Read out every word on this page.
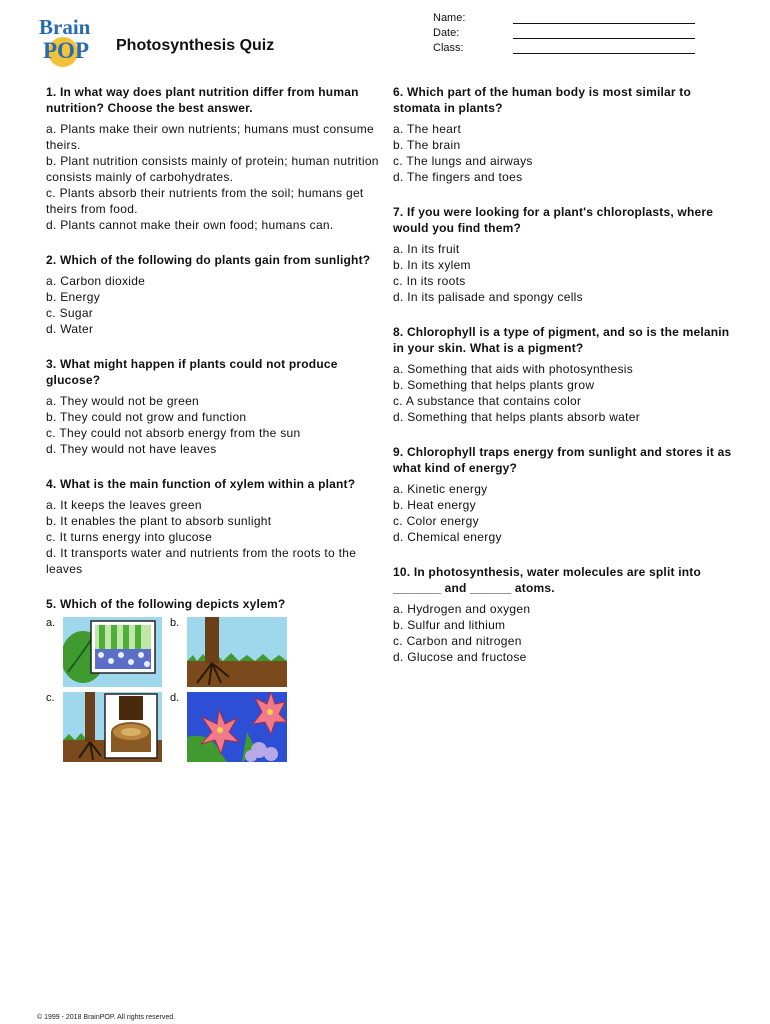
Brain
POP Photosynthesis Quiz
Name:
Date:
Class:
1. In what way does plant nutrition differ from human nutrition? Choose the best answer.
a. Plants make their own nutrients; humans must consume theirs.
b. Plant nutrition consists mainly of protein; human nutrition consists mainly of carbohydrates.
c. Plants absorb their nutrients from the soil; humans get theirs from food.
d. Plants cannot make their own food; humans can.
2. Which of the following do plants gain from sunlight?
a. Carbon dioxide
b. Energy
c. Sugar
d. Water
3. What might happen if plants could not produce glucose?
a. They would not be green
b. They could not grow and function
c. They could not absorb energy from the sun
d. They would not have leaves
4. What is the main function of xylem within a plant?
a. It keeps the leaves green
b. It enables the plant to absorb sunlight
c. It turns energy into glucose
d. It transports water and nutrients from the roots to the leaves
5. Which of the following depicts xylem?
a.	b.
c.	d.
6. Which part of the human body is most similar to stomata in plants?
a. The heart
b. The brain
c. The lungs and airways
d. The fingers and toes
7. If you were looking for a plant's chloroplasts, where would you find them?
a. In its fruit
b. In its xylem
c. In its roots
d. In its palisade and spongy cells
8. Chlorophyll is a type of pigment, and so is the melanin in your skin. What is a pigment?
a. Something that aids with photosynthesis
b. Something that helps plants grow
c. A substance that contains color
d. Something that helps plants absorb water
9. Chlorophyll traps energy from sunlight and stores it as what kind of energy?
a. Kinetic energy
b. Heat energy
c. Color energy
d. Chemical energy
10. In photosynthesis, water molecules are split into _______ and ______ atoms.
a. Hydrogen and oxygen
b. Sulfur and lithium
c. Carbon and nitrogen
d. Glucose and fructose
© 1999 - 2018 BrainPOP. All rights reserved.
